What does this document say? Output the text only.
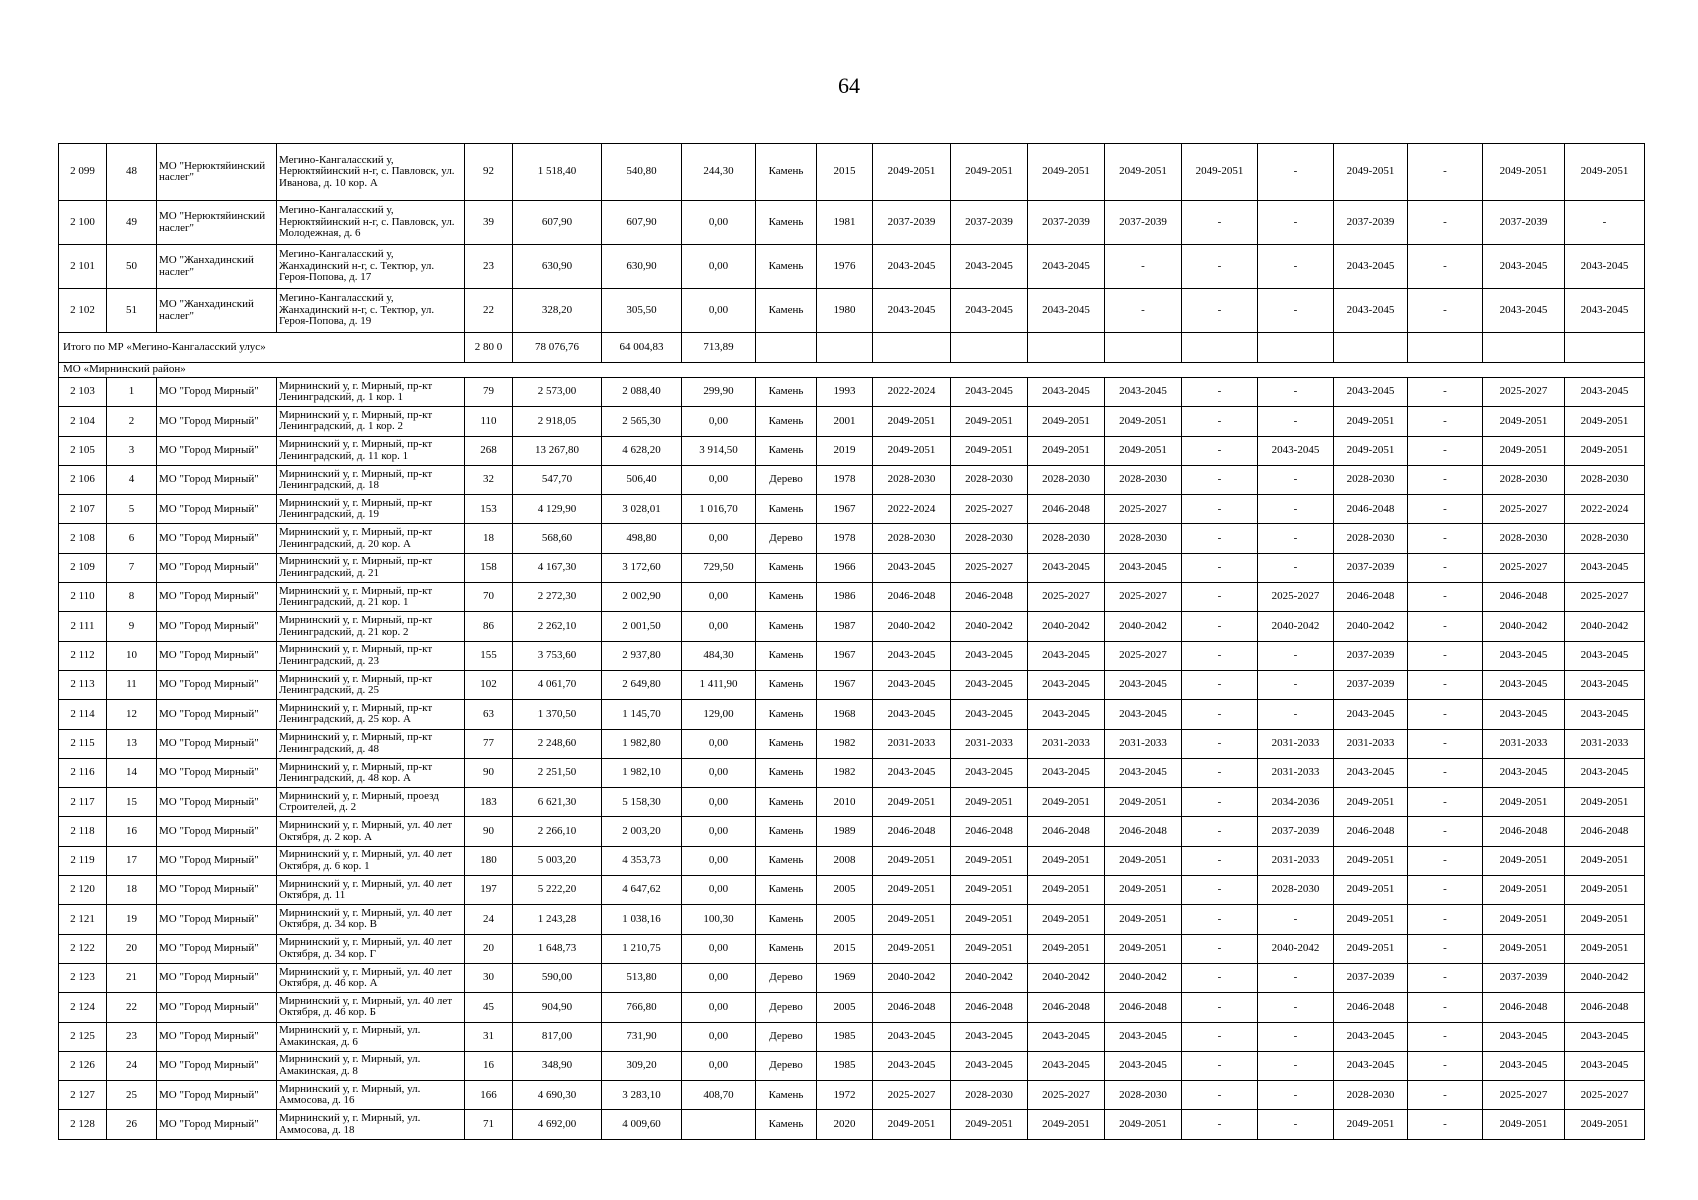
64
2 099	48	МО "Нерюктяйинский наслег"	Мегино-Кангаласский у, Нерюктяйинский н-г, с. Павловск, ул. Иванова, д. 10 кор. А	92	1 518,40	540,80	244,30	Камень	2015	2049-2051	2049-2051	2049-2051	2049-2051	2049-2051	-	2049-2051	-	2049-2051	2049-2051
2 100	49	МО "Нерюктяйинский наслег"	Мегино-Кангаласский у, Нерюктяйинский н-г, с. Павловск, ул. Молодежная, д. 6	39	607,90	607,90	0,00	Камень	1981	2037-2039	2037-2039	2037-2039	2037-2039	-	-	2037-2039	-	2037-2039	-
2 101	50	МО "Жанхадинский наслег"	Мегино-Кангаласский у, Жанхадинский н-г, с. Тектюр, ул. Героя-Попова, д. 17	23	630,90	630,90	0,00	Камень	1976	2043-2045	2043-2045	2043-2045	-	-	-	2043-2045	-	2043-2045	2043-2045
2 102	51	МО "Жанхадинский наслег"	Мегино-Кангаласский у, Жанхадинский н-г, с. Тектюр, ул. Героя-Попова, д. 19	22	328,20	305,50	0,00	Камень	1980	2043-2045	2043-2045	2043-2045	-	-	-	2043-2045	-	2043-2045	2043-2045
Итого по МР «Мегино-Кангаласский улус»				2 80 0	78 076,76	64 004,83	713,89												
МО «Мирнинский район»																			
2 103	1	МО "Город Мирный"	Мирнинский у, г. Мирный, пр-кт Ленинградский, д. 1 кор. 1	79	2 573,00	2 088,40	299,90	Камень	1993	2022-2024	2043-2045	2043-2045	2043-2045	-	-	2043-2045	-	2025-2027	2043-2045
2 104	2	МО "Город Мирный"	Мирнинский у, г. Мирный, пр-кт Ленинградский, д. 1 кор. 2	110	2 918,05	2 565,30	0,00	Камень	2001	2049-2051	2049-2051	2049-2051	2049-2051	-	-	2049-2051	-	2049-2051	2049-2051
2 105	3	МО "Город Мирный"	Мирнинский у, г. Мирный, пр-кт Ленинградский, д. 11 кор. 1	268	13 267,80	4 628,20	3 914,50	Камень	2019	2049-2051	2049-2051	2049-2051	2049-2051	-	2043-2045	2049-2051	-	2049-2051	2049-2051
2 106	4	МО "Город Мирный"	Мирнинский у, г. Мирный, пр-кт Ленинградский, д. 18	32	547,70	506,40	0,00	Дерево	1978	2028-2030	2028-2030	2028-2030	2028-2030	-	-	2028-2030	-	2028-2030	2028-2030
2 107	5	МО "Город Мирный"	Мирнинский у, г. Мирный, пр-кт Ленинградский, д. 19	153	4 129,90	3 028,01	1 016,70	Камень	1967	2022-2024	2025-2027	2046-2048	2025-2027	-	-	2046-2048	-	2025-2027	2022-2024
2 108	6	МО "Город Мирный"	Мирнинский у, г. Мирный, пр-кт Ленинградский, д. 20 кор. А	18	568,60	498,80	0,00	Дерево	1978	2028-2030	2028-2030	2028-2030	2028-2030	-	-	2028-2030	-	2028-2030	2028-2030
2 109	7	МО "Город Мирный"	Мирнинский у, г. Мирный, пр-кт Ленинградский, д. 21	158	4 167,30	3 172,60	729,50	Камень	1966	2043-2045	2025-2027	2043-2045	2043-2045	-	-	2037-2039	-	2025-2027	2043-2045
2 110	8	МО "Город Мирный"	Мирнинский у, г. Мирный, пр-кт Ленинградский, д. 21 кор. 1	70	2 272,30	2 002,90	0,00	Камень	1986	2046-2048	2046-2048	2025-2027	2025-2027	-	2025-2027	2046-2048	-	2046-2048	2025-2027
2 111	9	МО "Город Мирный"	Мирнинский у, г. Мирный, пр-кт Ленинградский, д. 21 кор. 2	86	2 262,10	2 001,50	0,00	Камень	1987	2040-2042	2040-2042	2040-2042	2040-2042	-	2040-2042	2040-2042	-	2040-2042	2040-2042
2 112	10	МО "Город Мирный"	Мирнинский у, г. Мирный, пр-кт Ленинградский, д. 23	155	3 753,60	2 937,80	484,30	Камень	1967	2043-2045	2043-2045	2043-2045	2025-2027	-	-	2037-2039	-	2043-2045	2043-2045
2 113	11	МО "Город Мирный"	Мирнинский у, г. Мирный, пр-кт Ленинградский, д. 25	102	4 061,70	2 649,80	1 411,90	Камень	1967	2043-2045	2043-2045	2043-2045	2043-2045	-	-	2037-2039	-	2043-2045	2043-2045
2 114	12	МО "Город Мирный"	Мирнинский у, г. Мирный, пр-кт Ленинградский, д. 25 кор. А	63	1 370,50	1 145,70	129,00	Камень	1968	2043-2045	2043-2045	2043-2045	2043-2045	-	-	2043-2045	-	2043-2045	2043-2045
2 115	13	МО "Город Мирный"	Мирнинский у, г. Мирный, пр-кт Ленинградский, д. 48	77	2 248,60	1 982,80	0,00	Камень	1982	2031-2033	2031-2033	2031-2033	2031-2033	-	2031-2033	2031-2033	-	2031-2033	2031-2033
2 116	14	МО "Город Мирный"	Мирнинский у, г. Мирный, пр-кт Ленинградский, д. 48 кор. А	90	2 251,50	1 982,10	0,00	Камень	1982	2043-2045	2043-2045	2043-2045	2043-2045	-	2031-2033	2043-2045	-	2043-2045	2043-2045
2 117	15	МО "Город Мирный"	Мирнинский у, г. Мирный, проезд Строителей, д. 2	183	6 621,30	5 158,30	0,00	Камень	2010	2049-2051	2049-2051	2049-2051	2049-2051	-	2034-2036	2049-2051	-	2049-2051	2049-2051
2 118	16	МО "Город Мирный"	Мирнинский у, г. Мирный, ул. 40 лет Октября, д. 2 кор. А	90	2 266,10	2 003,20	0,00	Камень	1989	2046-2048	2046-2048	2046-2048	2046-2048	-	2037-2039	2046-2048	-	2046-2048	2046-2048
2 119	17	МО "Город Мирный"	Мирнинский у, г. Мирный, ул. 40 лет Октября, д. 6 кор. 1	180	5 003,20	4 353,73	0,00	Камень	2008	2049-2051	2049-2051	2049-2051	2049-2051	-	2031-2033	2049-2051	-	2049-2051	2049-2051
2 120	18	МО "Город Мирный"	Мирнинский у, г. Мирный, ул. 40 лет Октября, д. 11	197	5 222,20	4 647,62	0,00	Камень	2005	2049-2051	2049-2051	2049-2051	2049-2051	-	2028-2030	2049-2051	-	2049-2051	2049-2051
2 121	19	МО "Город Мирный"	Мирнинский у, г. Мирный, ул. 40 лет Октября, д. 34 кор. В	24	1 243,28	1 038,16	100,30	Камень	2005	2049-2051	2049-2051	2049-2051	2049-2051	-	-	2049-2051	-	2049-2051	2049-2051
2 122	20	МО "Город Мирный"	Мирнинский у, г. Мирный, ул. 40 лет Октября, д. 34 кор. Г	20	1 648,73	1 210,75	0,00	Камень	2015	2049-2051	2049-2051	2049-2051	2049-2051	-	2040-2042	2049-2051	-	2049-2051	2049-2051
2 123	21	МО "Город Мирный"	Мирнинский у, г. Мирный, ул. 40 лет Октября, д. 46 кор. А	30	590,00	513,80	0,00	Дерево	1969	2040-2042	2040-2042	2040-2042	2040-2042	-	-	2037-2039	-	2037-2039	2040-2042
2 124	22	МО "Город Мирный"	Мирнинский у, г. Мирный, ул. 40 лет Октября, д. 46 кор. Б	45	904,90	766,80	0,00	Дерево	2005	2046-2048	2046-2048	2046-2048	2046-2048	-	-	2046-2048	-	2046-2048	2046-2048
2 125	23	МО "Город Мирный"	Мирнинский у, г. Мирный, ул. Амакинская, д. 6	31	817,00	731,90	0,00	Дерево	1985	2043-2045	2043-2045	2043-2045	2043-2045	-	-	2043-2045	-	2043-2045	2043-2045
2 126	24	МО "Город Мирный"	Мирнинский у, г. Мирный, ул. Амакинская, д. 8	16	348,90	309,20	0,00	Дерево	1985	2043-2045	2043-2045	2043-2045	2043-2045	-	-	2043-2045	-	2043-2045	2043-2045
2 127	25	МО "Город Мирный"	Мирнинский у, г. Мирный, ул. Аммосова, д. 16	166	4 690,30	3 283,10	408,70	Камень	1972	2025-2027	2028-2030	2025-2027	2028-2030	-	-	2028-2030	-	2025-2027	2025-2027
2 128	26	МО "Город Мирный"	Мирнинский у, г. Мирный, ул. Аммосова, д. 18	71	4 692,00	4 009,60		Камень	2020	2049-2051	2049-2051	2049-2051	2049-2051	-	-	2049-2051	-	2049-2051	2049-2051
